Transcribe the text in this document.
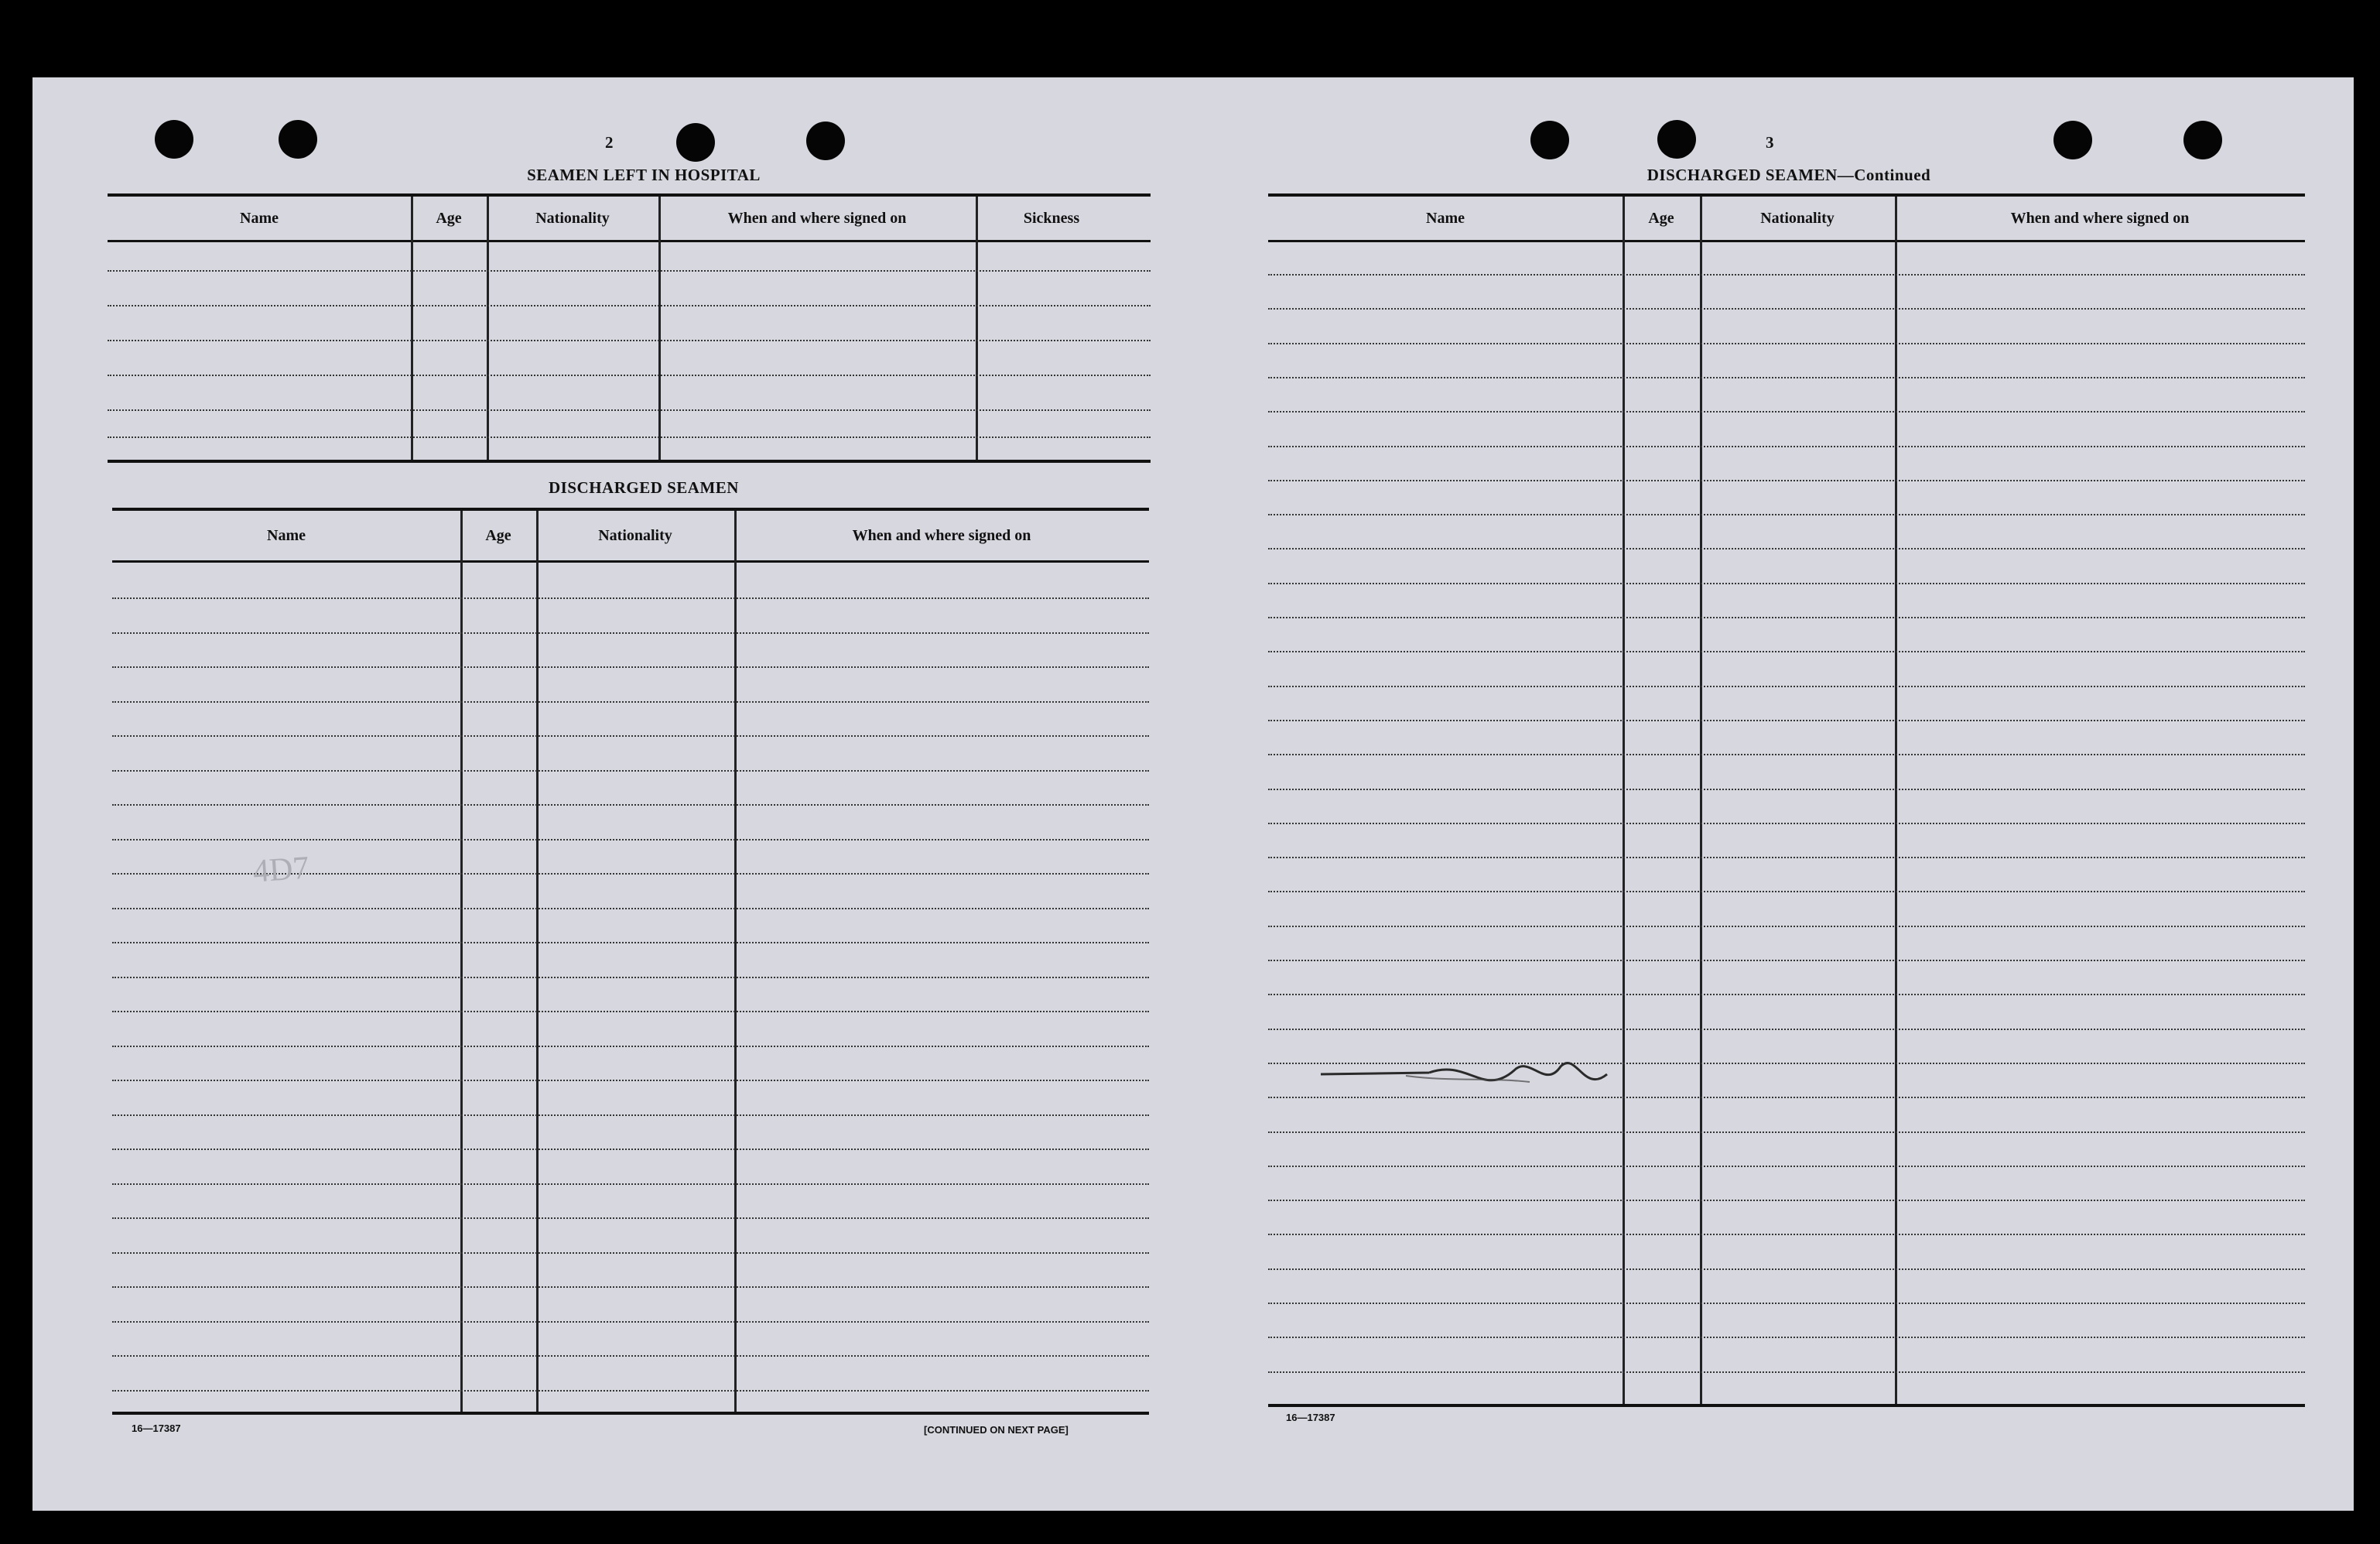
2
SEAMEN LEFT IN HOSPITAL
Name	Age	Nationality	When and where signed on	Sickness
DISCHARGED SEAMEN
Name	Age	Nationality	When and where signed on
16—17387	[CONTINUED ON NEXT PAGE]
4D7
3
DISCHARGED SEAMEN—Continued
Name	Age	Nationality	When and where signed on
16—17387
